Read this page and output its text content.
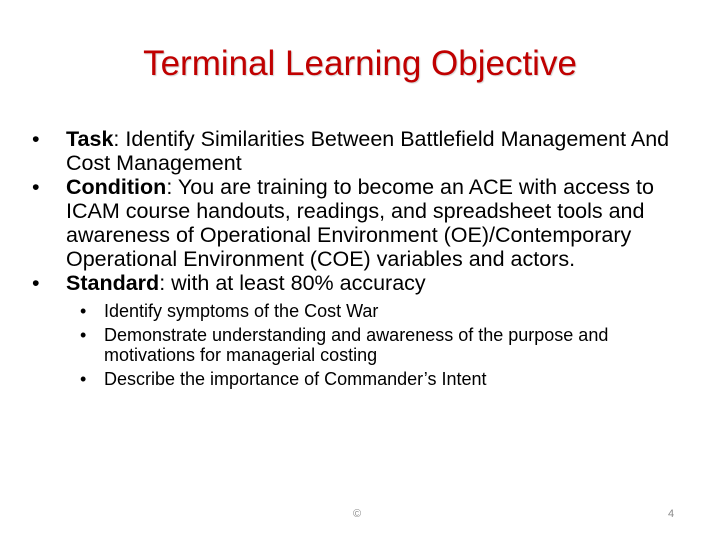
Terminal Learning Objective
• Task: Identify Similarities Between Battlefield Management And Cost Management
• Condition: You are training to become an ACE with access to ICAM course handouts, readings, and spreadsheet tools and awareness of Operational Environment (OE)/Contemporary Operational Environment (COE) variables and actors.
• Standard: with at least 80% accuracy
• Identify symptoms of the Cost War
• Demonstrate understanding and awareness of the purpose and motivations for managerial costing
• Describe the importance of Commander’s Intent
©	4
